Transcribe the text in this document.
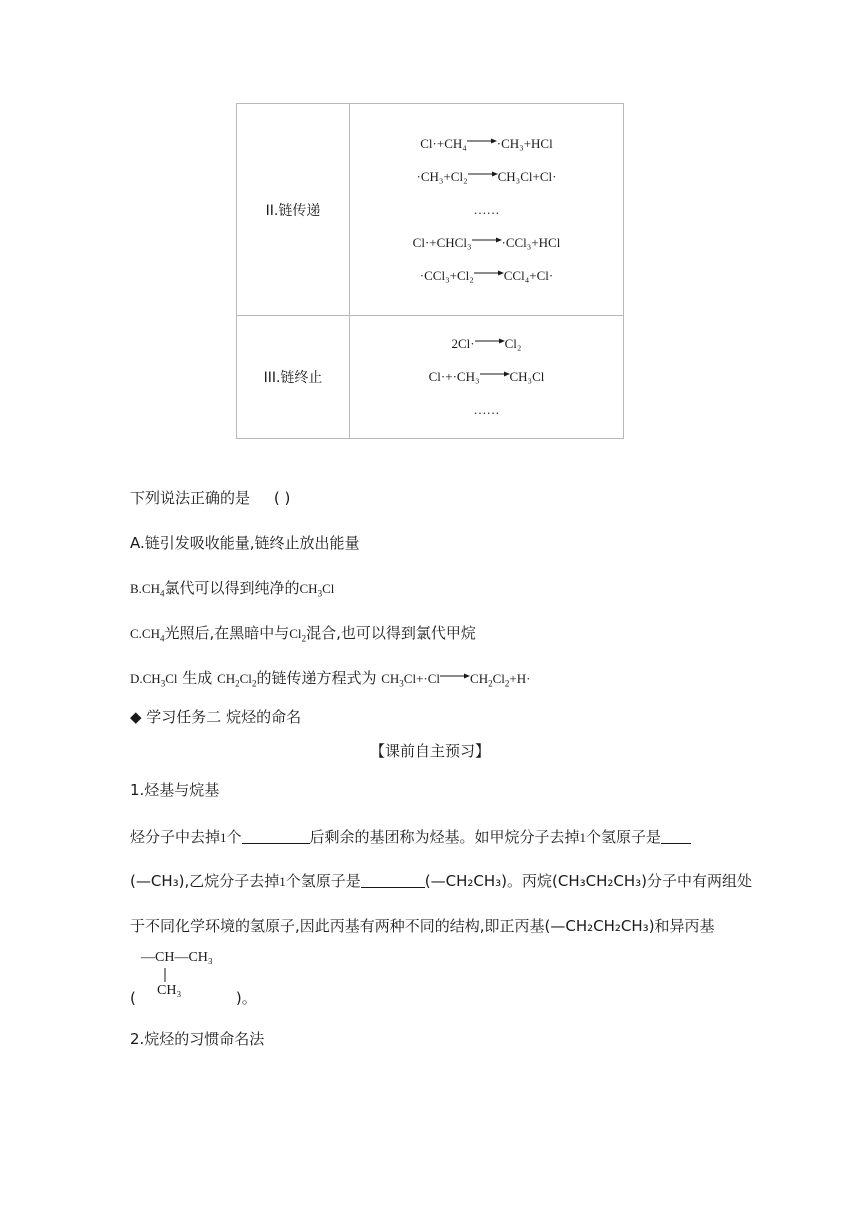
II.链传递	Cl·+CH₄ ·CH₃+HCl
·CH₃+Cl₂ CH₃Cl+Cl·
……
Cl·+CHCl₃ ·CCl₃+HCl
·CCl₃+Cl₂ CCl₄+Cl·

III.链终止	2Cl· Cl₂
Cl·+·CH₃ CH₃Cl
……
下列说法正确的是 ( )
A.链引发吸收能量,链终止放出能量
$B.CH_4$氯代可以得到纯净的$CH_3Cl$
$C.CH_4$光照后,在黑暗中与$Cl_2$混合,也可以得到氯代甲烷
$D.CH_3Cl$ 生成 $CH_2Cl_2$的链传递方程式为 $CH_3Cl+\cdot Cl$ $CH_2Cl_2+H\cdot$
◆ 学习任务二 烷烃的命名
【课前自主预习】
1.烃基与烷基
烃分子中去掉1个	后剩余的基团称为烃基。如甲烷分子去掉1个氢原子是
(—CH₃),乙烷分子去掉1个氢原子是	(—CH₂CH₃)。丙烷(CH₃CH₂CH₃)分子中有两组处
于不同化学环境的氢原子,因此丙基有两种不同的结构,即正丙基(—CH₂CH₂CH₃)和异丙基
—CH—CH₃
CH₃
(	)。
2.烷烃的习惯命名法
